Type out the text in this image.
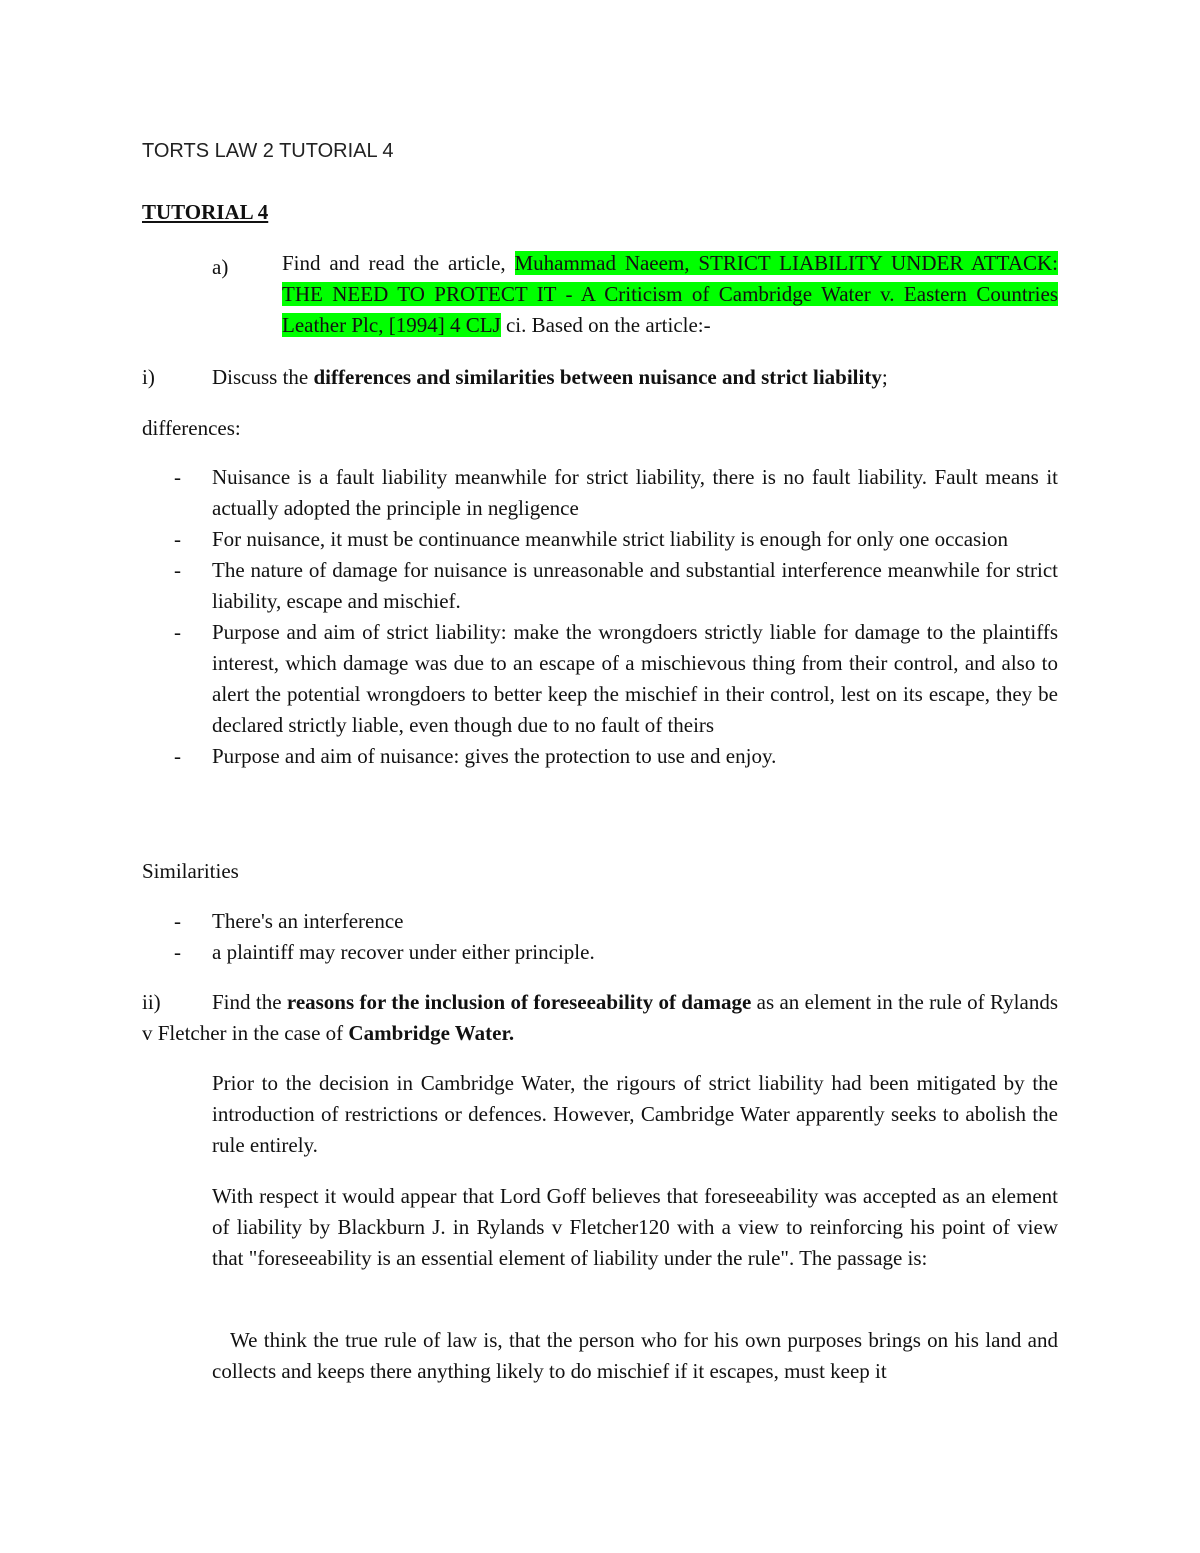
TORTS LAW 2 TUTORIAL 4
TUTORIAL 4
a)	Find and read the article, Muhammad Naeem, STRICT LIABILITY UNDER ATTACK: THE NEED TO PROTECT IT - A Criticism of Cambridge Water v. Eastern Countries Leather Plc, [1994] 4 CLJ ci. Based on the article:-
i)	Discuss the differences and similarities between nuisance and strict liability;
differences:
- Nuisance is a fault liability meanwhile for strict liability, there is no fault liability. Fault means it actually adopted the principle in negligence
- For nuisance, it must be continuance meanwhile strict liability is enough for only one occasion
- The nature of damage for nuisance is unreasonable and substantial interference meanwhile for strict liability, escape and mischief.
- Purpose and aim of strict liability: make the wrongdoers strictly liable for damage to the plaintiffs interest, which damage was due to an escape of a mischievous thing from their control, and also to alert the potential wrongdoers to better keep the mischief in their control, lest on its escape, they be declared strictly liable, even though due to no fault of theirs
- Purpose and aim of nuisance: gives the protection to use and enjoy.
Similarities
- There's an interference
- a plaintiff may recover under either principle.
ii) Find the reasons for the inclusion of foreseeability of damage as an element in the rule of Rylands v Fletcher in the case of Cambridge Water.
Prior to the decision in Cambridge Water, the rigours of strict liability had been mitigated by the introduction of restrictions or defences. However, Cambridge Water apparently seeks to abolish the rule entirely.
With respect it would appear that Lord Goff believes that foreseeability was accepted as an element of liability by Blackburn J. in Rylands v Fletcher120 with a view to reinforcing his point of view that "foreseeability is an essential element of liability under the rule". The passage is:
We think the true rule of law is, that the person who for his own purposes brings on his land and collects and keeps there anything likely to do mischief if it escapes, must keep it
